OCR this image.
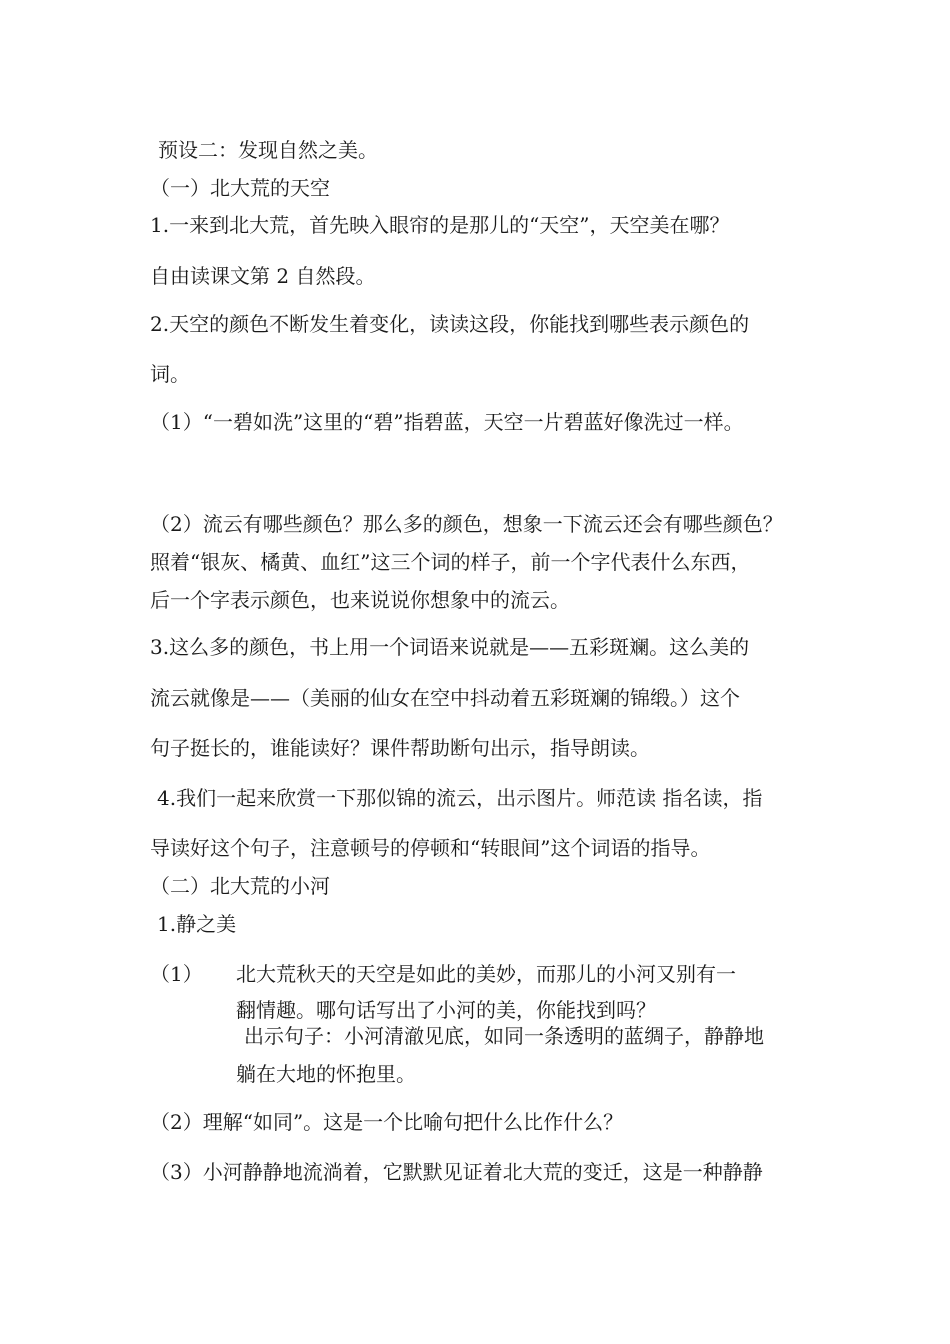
预设二：发现自然之美。
（一）北大荒的天空
1.一来到北大荒，首先映入眼帘的是那儿的“天空”，天空美在哪？
自由读课文第 2 自然段。
2.天空的颜色不断发生着变化，读读这段，你能找到哪些表示颜色的
词。
（1）“一碧如洗”这里的“碧”指碧蓝，天空一片碧蓝好像洗过一样。
（2）流云有哪些颜色？那么多的颜色，想象一下流云还会有哪些颜色？
照着“银灰、橘黄、血红”这三个词的样子，前一个字代表什么东西，
后一个字表示颜色，也来说说你想象中的流云。
3.这么多的颜色，书上用一个词语来说就是——五彩斑斓。这么美的
流云就像是——（美丽的仙女在空中抖动着五彩斑斓的锦缎。）这个
句子挺长的，谁能读好？课件帮助断句出示，指导朗读。
4.我们一起来欣赏一下那似锦的流云，出示图片。师范读 指名读，指
导读好这个句子，注意顿号的停顿和“转眼间”这个词语的指导。
（二）北大荒的小河
1.静之美
（1） 北大荒秋天的天空是如此的美妙，而那儿的小河又别有一
翻情趣。哪句话写出了小河的美，你能找到吗？
出示句子：小河清澈见底，如同一条透明的蓝绸子，静静地
躺在大地的怀抱里。
（2）理解“如同”。这是一个比喻句把什么比作什么？
（3）小河静静地流淌着，它默默见证着北大荒的变迁，这是一种静静
